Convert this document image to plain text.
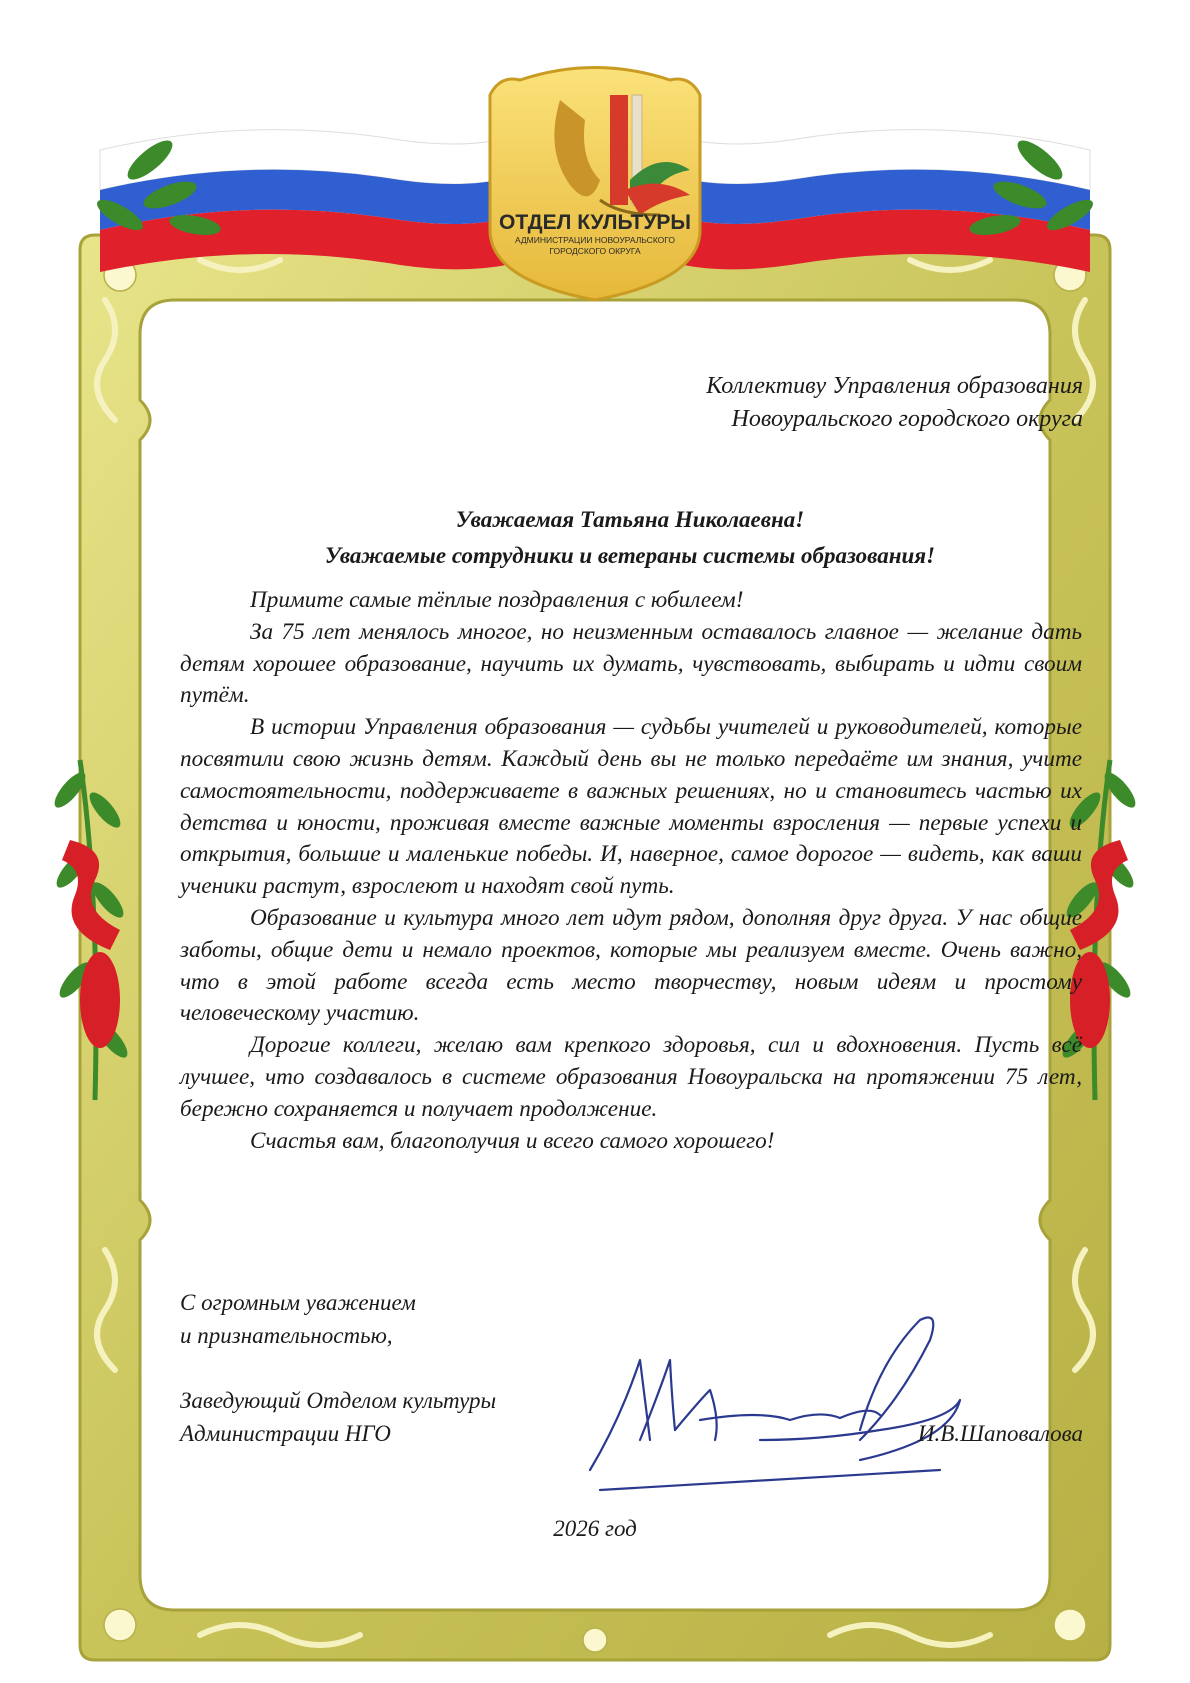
ОТДЕЛ КУЛЬТУРЫ
АДМИНИСТРАЦИИ НОВОУРАЛЬСКОГО
ГОРОДСКОГО ОКРУГА
Коллективу Управления образования
Новоуральского городского округа
Уважаемая Татьяна Николаевна!
Уважаемые сотрудники и ветераны системы образования!

Примите самые тёплые поздравления с юбилеем!

За 75 лет менялось многое, но неизменным оставалось главное — желание дать детям хорошее образование, научить их думать, чувствовать, выбирать и идти своим путём.

В истории Управления образования — судьбы учителей и руководителей, которые посвятили свою жизнь детям. Каждый день вы не только передаёте им знания, учите самостоятельности, поддерживаете в важных решениях, но и становитесь частью их детства и юности, проживая вместе важные моменты взросления — первые успехи и открытия, большие и маленькие победы. И, наверное, самое дорогое — видеть, как ваши ученики растут, взрослеют и находят свой путь.

Образование и культура много лет идут рядом, дополняя друг друга. У нас общие заботы, общие дети и немало проектов, которые мы реализуем вместе. Очень важно, что в этой работе всегда есть место творчеству, новым идеям и простому человеческому участию.

Дорогие коллеги, желаю вам крепкого здоровья, сил и вдохновения. Пусть всё лучшее, что создавалось в системе образования Новоуральска на протяжении 75 лет, бережно сохраняется и получает продолжение.

Счастья вам, благополучия и всего самого хорошего!

С огромным уважением
и признательностью,
Заведующий Отделом культуры
Администрации НГО	И.В.Шаповалова
2026 год
